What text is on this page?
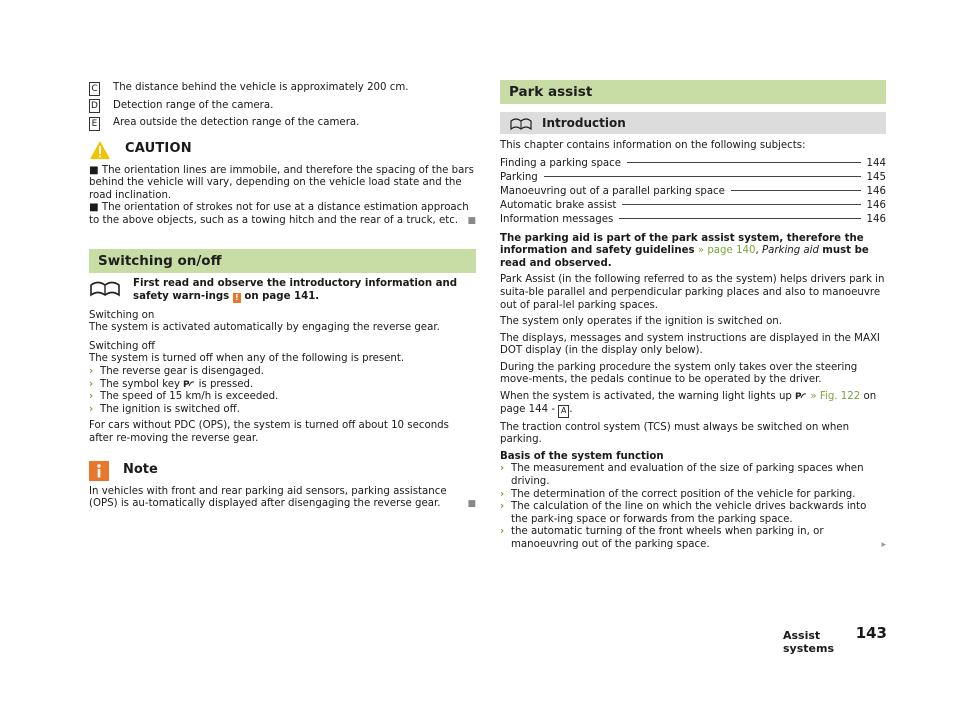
C The distance behind the vehicle is approximately 200 cm.
D Detection range of the camera.
E Area outside the detection range of the camera.
CAUTION

■ The orientation lines are immobile, and therefore the spacing of the bars behind the vehicle will vary, depending on the vehicle load state and the road inclination.

■ The orientation of strokes not for use at a distance estimation approach to the above objects, such as a towing hitch and the rear of a truck, etc. ■

Switching on/off
First read and observe the introductory information and safety warn-ings ! on page 141.

Switching on

The system is activated automatically by engaging the reverse gear.

Switching off

The system is turned off when any of the following is present.

› The reverse gear is disengaged.
› The symbol key P is pressed.
› The speed of 15 km/h is exceeded.
› The ignition is switched off.

For cars without PDC (OPS), the system is turned off about 10 seconds after re-moving the reverse gear.

Note

In vehicles with front and rear parking aid sensors, parking assistance (OPS) is au-tomatically displayed after disengaging the reverse gear.	■

Park assist
Introduction

This chapter contains information on the following subjects:

Finding a parking space	144
Parking	145
Manoeuvring out of a parallel parking space	146
Automatic brake assist	146
Information messages	146

The parking aid is part of the park assist system, therefore the information and safety guidelines » page 140, Parking aid must be read and observed.

Park Assist (in the following referred to as the system) helps drivers park in suita-ble parallel and perpendicular parking places and also to manoeuvre out of paral-lel parking spaces.

The system only operates if the ignition is switched on.

The displays, messages and system instructions are displayed in the MAXI DOT display (in the display only below).

During the parking procedure the system only takes over the steering move-ments, the pedals continue to be operated by the driver.

When the system is activated, the warning light lights up P » Fig. 122 on page 144 - A .

The traction control system (TCS) must always be switched on when parking.

Basis of the system function

› The measurement and evaluation of the size of parking spaces when driving.
› The determination of the correct position of the vehicle for parking.
› The calculation of the line on which the vehicle drives backwards into the park-ing space or forwards from the parking space.
› the automatic turning of the front wheels when parking in, or manoeuvring out of the parking space.	▸
Assist systems
143
